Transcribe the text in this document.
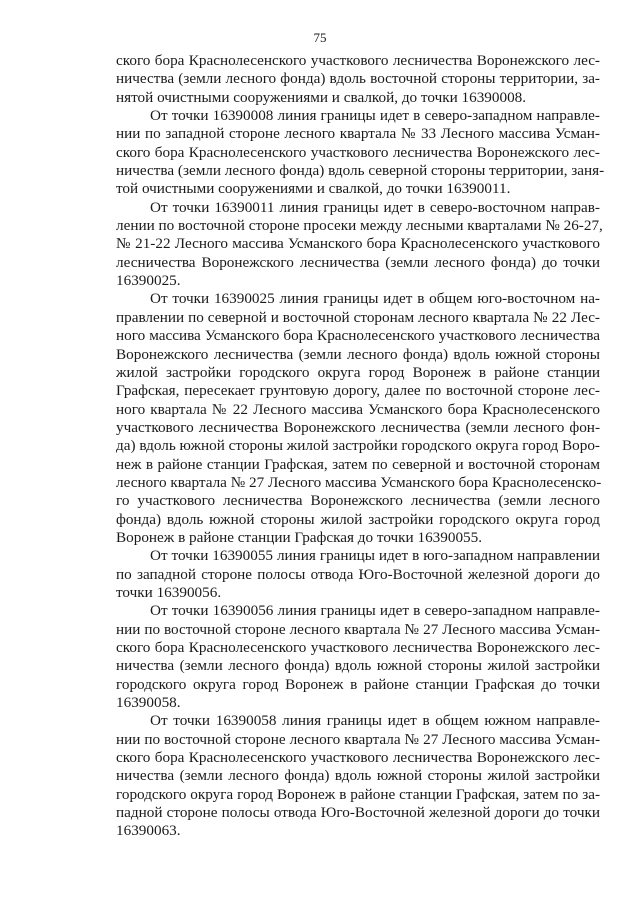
75
ского бора Краснолесенского участкового лесничества Воронежского лес-
ничества (земли лесного фонда) вдоль восточной стороны территории, за-
нятой очистными сооружениями и свалкой, до точки 16390008.
От точки 16390008 линия границы идет в северо-западном направле-
нии по западной стороне лесного квартала № 33 Лесного массива Усман-
ского бора Краснолесенского участкового лесничества Воронежского лес-
ничества (земли лесного фонда) вдоль северной стороны территории, заня-
той очистными сооружениями и свалкой, до точки 16390011.
От точки 16390011 линия границы идет в северо-восточном направ-
лении по восточной стороне просеки между лесными кварталами № 26-27,
№ 21-22 Лесного массива Усманского бора Краснолесенского участкового
лесничества Воронежского лесничества (земли лесного фонда) до точки
16390025.
От точки 16390025 линия границы идет в общем юго-восточном на-
правлении по северной и восточной сторонам лесного квартала № 22 Лес-
ного массива Усманского бора Краснолесенского участкового лесничества
Воронежского лесничества (земли лесного фонда) вдоль южной стороны
жилой застройки городского округа город Воронеж в районе станции
Графская, пересекает грунтовую дорогу, далее по восточной стороне лес-
ного квартала № 22 Лесного массива Усманского бора Краснолесенского
участкового лесничества Воронежского лесничества (земли лесного фон-
да) вдоль южной стороны жилой застройки городского округа город Воро-
неж в районе станции Графская, затем по северной и восточной сторонам
лесного квартала № 27 Лесного массива Усманского бора Краснолесенско-
го участкового лесничества Воронежского лесничества (земли лесного
фонда) вдоль южной стороны жилой застройки городского округа город
Воронеж в районе станции Графская до точки 16390055.
От точки 16390055 линия границы идет в юго-западном направлении
по западной стороне полосы отвода Юго-Восточной железной дороги до
точки 16390056.
От точки 16390056 линия границы идет в северо-западном направле-
нии по восточной стороне лесного квартала № 27 Лесного массива Усман-
ского бора Краснолесенского участкового лесничества Воронежского лес-
ничества (земли лесного фонда) вдоль южной стороны жилой застройки
городского округа город Воронеж в районе станции Графская до точки
16390058.
От точки 16390058 линия границы идет в общем южном направле-
нии по восточной стороне лесного квартала № 27 Лесного массива Усман-
ского бора Краснолесенского участкового лесничества Воронежского лес-
ничества (земли лесного фонда) вдоль южной стороны жилой застройки
городского округа город Воронеж в районе станции Графская, затем по за-
падной стороне полосы отвода Юго-Восточной железной дороги до точки
16390063.
